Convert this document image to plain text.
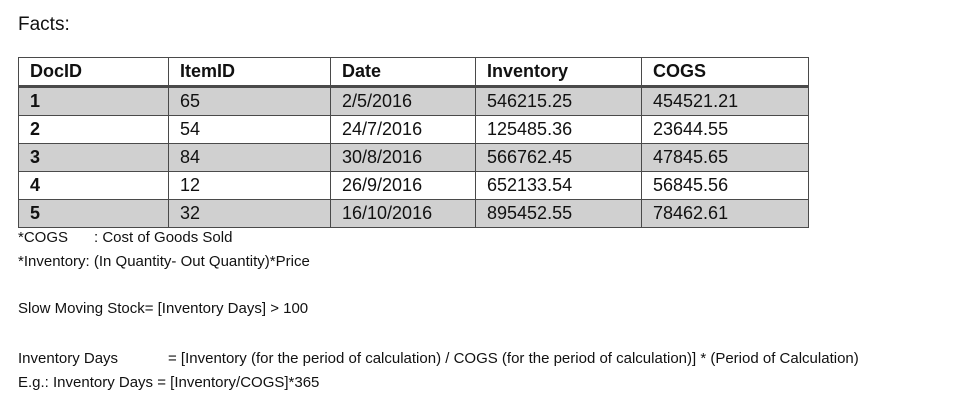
Facts:
DocID	ItemID	Date	Inventory	COGS
1	65	2/5/2016	546215.25	454521.21
2	54	24/7/2016	125485.36	23644.55
3	84	30/8/2016	566762.45	47845.65
4	12	26/9/2016	652133.54	56845.56
5	32	16/10/2016	895452.55	78462.61
*COGS : Cost of Goods Sold
*Inventory: (In Quantity- Out Quantity)*Price
Slow Moving Stock= [Inventory Days] > 100
Inventory Days	= [Inventory (for the period of calculation) / COGS (for the period of calculation)] * (Period of Calculation)
E.g.: Inventory Days = [Inventory/COGS]*365
